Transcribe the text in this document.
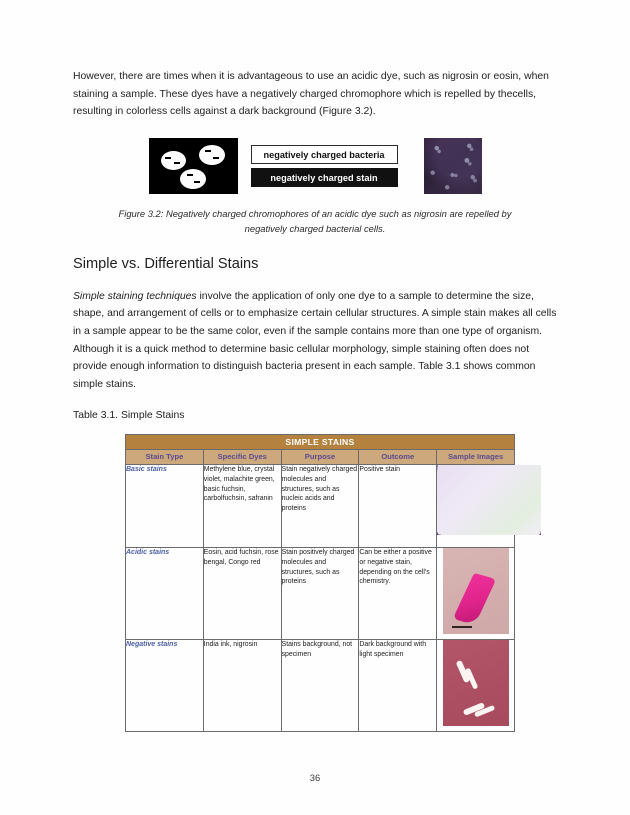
However, there are times when it is advantageous to use an acidic dye, such as nigrosin or eosin, when staining a sample. These dyes have a negatively charged chromophore which is repelled by thecells, resulting in colorless cells against a dark background (Figure 3.2).

negatively charged bacteria
negatively charged stain
Figure 3.2: Negatively charged chromophores of an acidic dye such as nigrosin are repelled by negatively charged bacterial cells.
Simple vs. Differential Stains

Simple staining techniques involve the application of only one dye to a sample to determine the size, shape, and arrangement of cells or to emphasize certain cellular structures. A simple stain makes all cells in a sample appear to be the same color, even if the sample contains more than one type of organism. Although it is a quick method to determine basic cellular morphology, simple staining often does not provide enough information to distinguish bacteria present in each sample. Table 3.1 shows common simple stains.

Table 3.1. Simple Stains

SIMPLE STAINS				
Stain Type	Specific Dyes	Purpose	Outcome	Sample Images
Basic stains	Methylene blue, crystal violet, malachite green, basic fuchsin, carbolfuchsin, safranin	Stain negatively charged molecules and structures, such as nucleic acids and proteins	Positive stain	
Acidic stains	Eosin, acid fuchsin, rose bengal, Congo red	Stain positively charged molecules and structures, such as proteins	Can be either a positive or negative stain, depending on the cell's chemistry.	
Negative stains	India ink, nigrosin	Stains background, not specimen	Dark background with light specimen	
36
